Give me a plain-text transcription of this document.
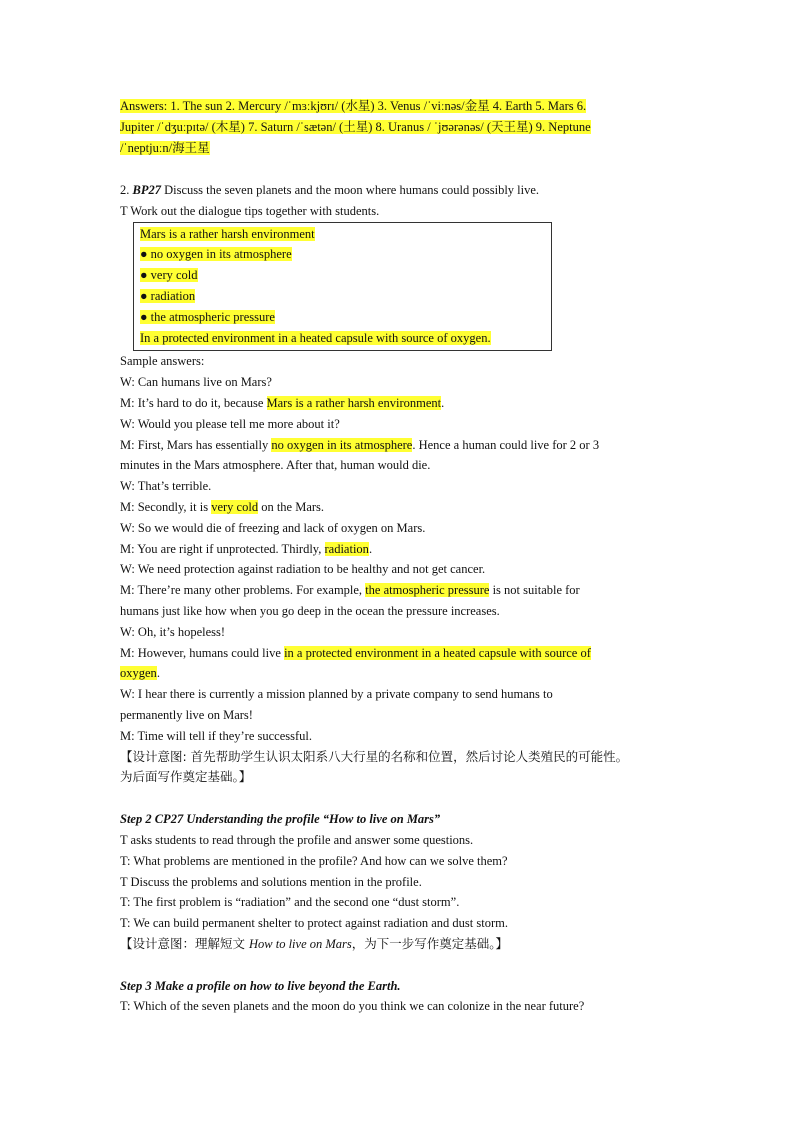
Answers: 1. The sun 2. Mercury /ˈmɜːkjʊrɪ/ (水星) 3. Venus /ˈviːnəs/金星 4. Earth 5. Mars 6.
Jupiter /ˈdʒuːpɪtə/ (木星) 7. Saturn /ˈsætən/ (土星) 8. Uranus / ˈjʊərənəs/ (天王星) 9. Neptune
/ˈneptjuːn/海王星
2. BP27 Discuss the seven planets and the moon where humans could possibly live.
T Work out the dialogue tips together with students.
Mars is a rather harsh environment
● no oxygen in its atmosphere
● very cold
● radiation
● the atmospheric pressure
In a protected environment in a heated capsule with source of oxygen.
Sample answers:
W: Can humans live on Mars?
M: It’s hard to do it, because Mars is a rather harsh environment.
W: Would you please tell me more about it?
M: First, Mars has essentially no oxygen in its atmosphere. Hence a human could live for 2 or 3
minutes in the Mars atmosphere. After that, human would die.
W: That’s terrible.
M: Secondly, it is very cold on the Mars.
W: So we would die of freezing and lack of oxygen on Mars.
M: You are right if unprotected. Thirdly, radiation.
W: We need protection against radiation to be healthy and not get cancer.
M: There’re many other problems. For example, the atmospheric pressure is not suitable for
humans just like how when you go deep in the ocean the pressure increases.
W: Oh, it’s hopeless!
M: However, humans could live in a protected environment in a heated capsule with source of
oxygen.
W: I hear there is currently a mission planned by a private company to send humans to
permanently live on Mars!
M: Time will tell if they’re successful.
【设计意图: 首先帮助学生认识太阳系八大行星的名称和位置，然后讨论人类殖民的可能性。
为后面写作奠定基础。】
Step 2 CP27 Understanding the profile “How to live on Mars”
T asks students to read through the profile and answer some questions.
T: What problems are mentioned in the profile? And how can we solve them?
T Discuss the problems and solutions mention in the profile.
T: The first problem is “radiation” and the second one “dust storm”.
T: We can build permanent shelter to protect against radiation and dust storm.
【设计意图：理解短文 How to live on Mars，为下一步写作奠定基础。】
Step 3 Make a profile on how to live beyond the Earth.
T: Which of the seven planets and the moon do you think we can colonize in the near future?
